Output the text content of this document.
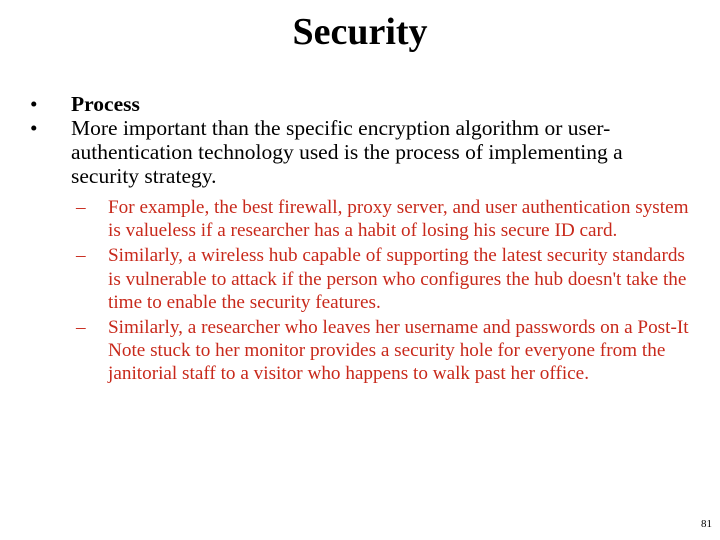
Security
•	Process
•	More important than the specific encryption algorithm or user-authentication technology used is the process of implementing a security strategy.
–	For example, the best firewall, proxy server, and user authentication system is valueless if a researcher has a habit of losing his secure ID card.
–	Similarly, a wireless hub capable of supporting the latest security standards is vulnerable to attack if the person who configures the hub doesn't take the time to enable the security features.
–	Similarly, a researcher who leaves her username and passwords on a Post-It Note stuck to her monitor provides a security hole for everyone from the janitorial staff to a visitor who happens to walk past her office.
81
